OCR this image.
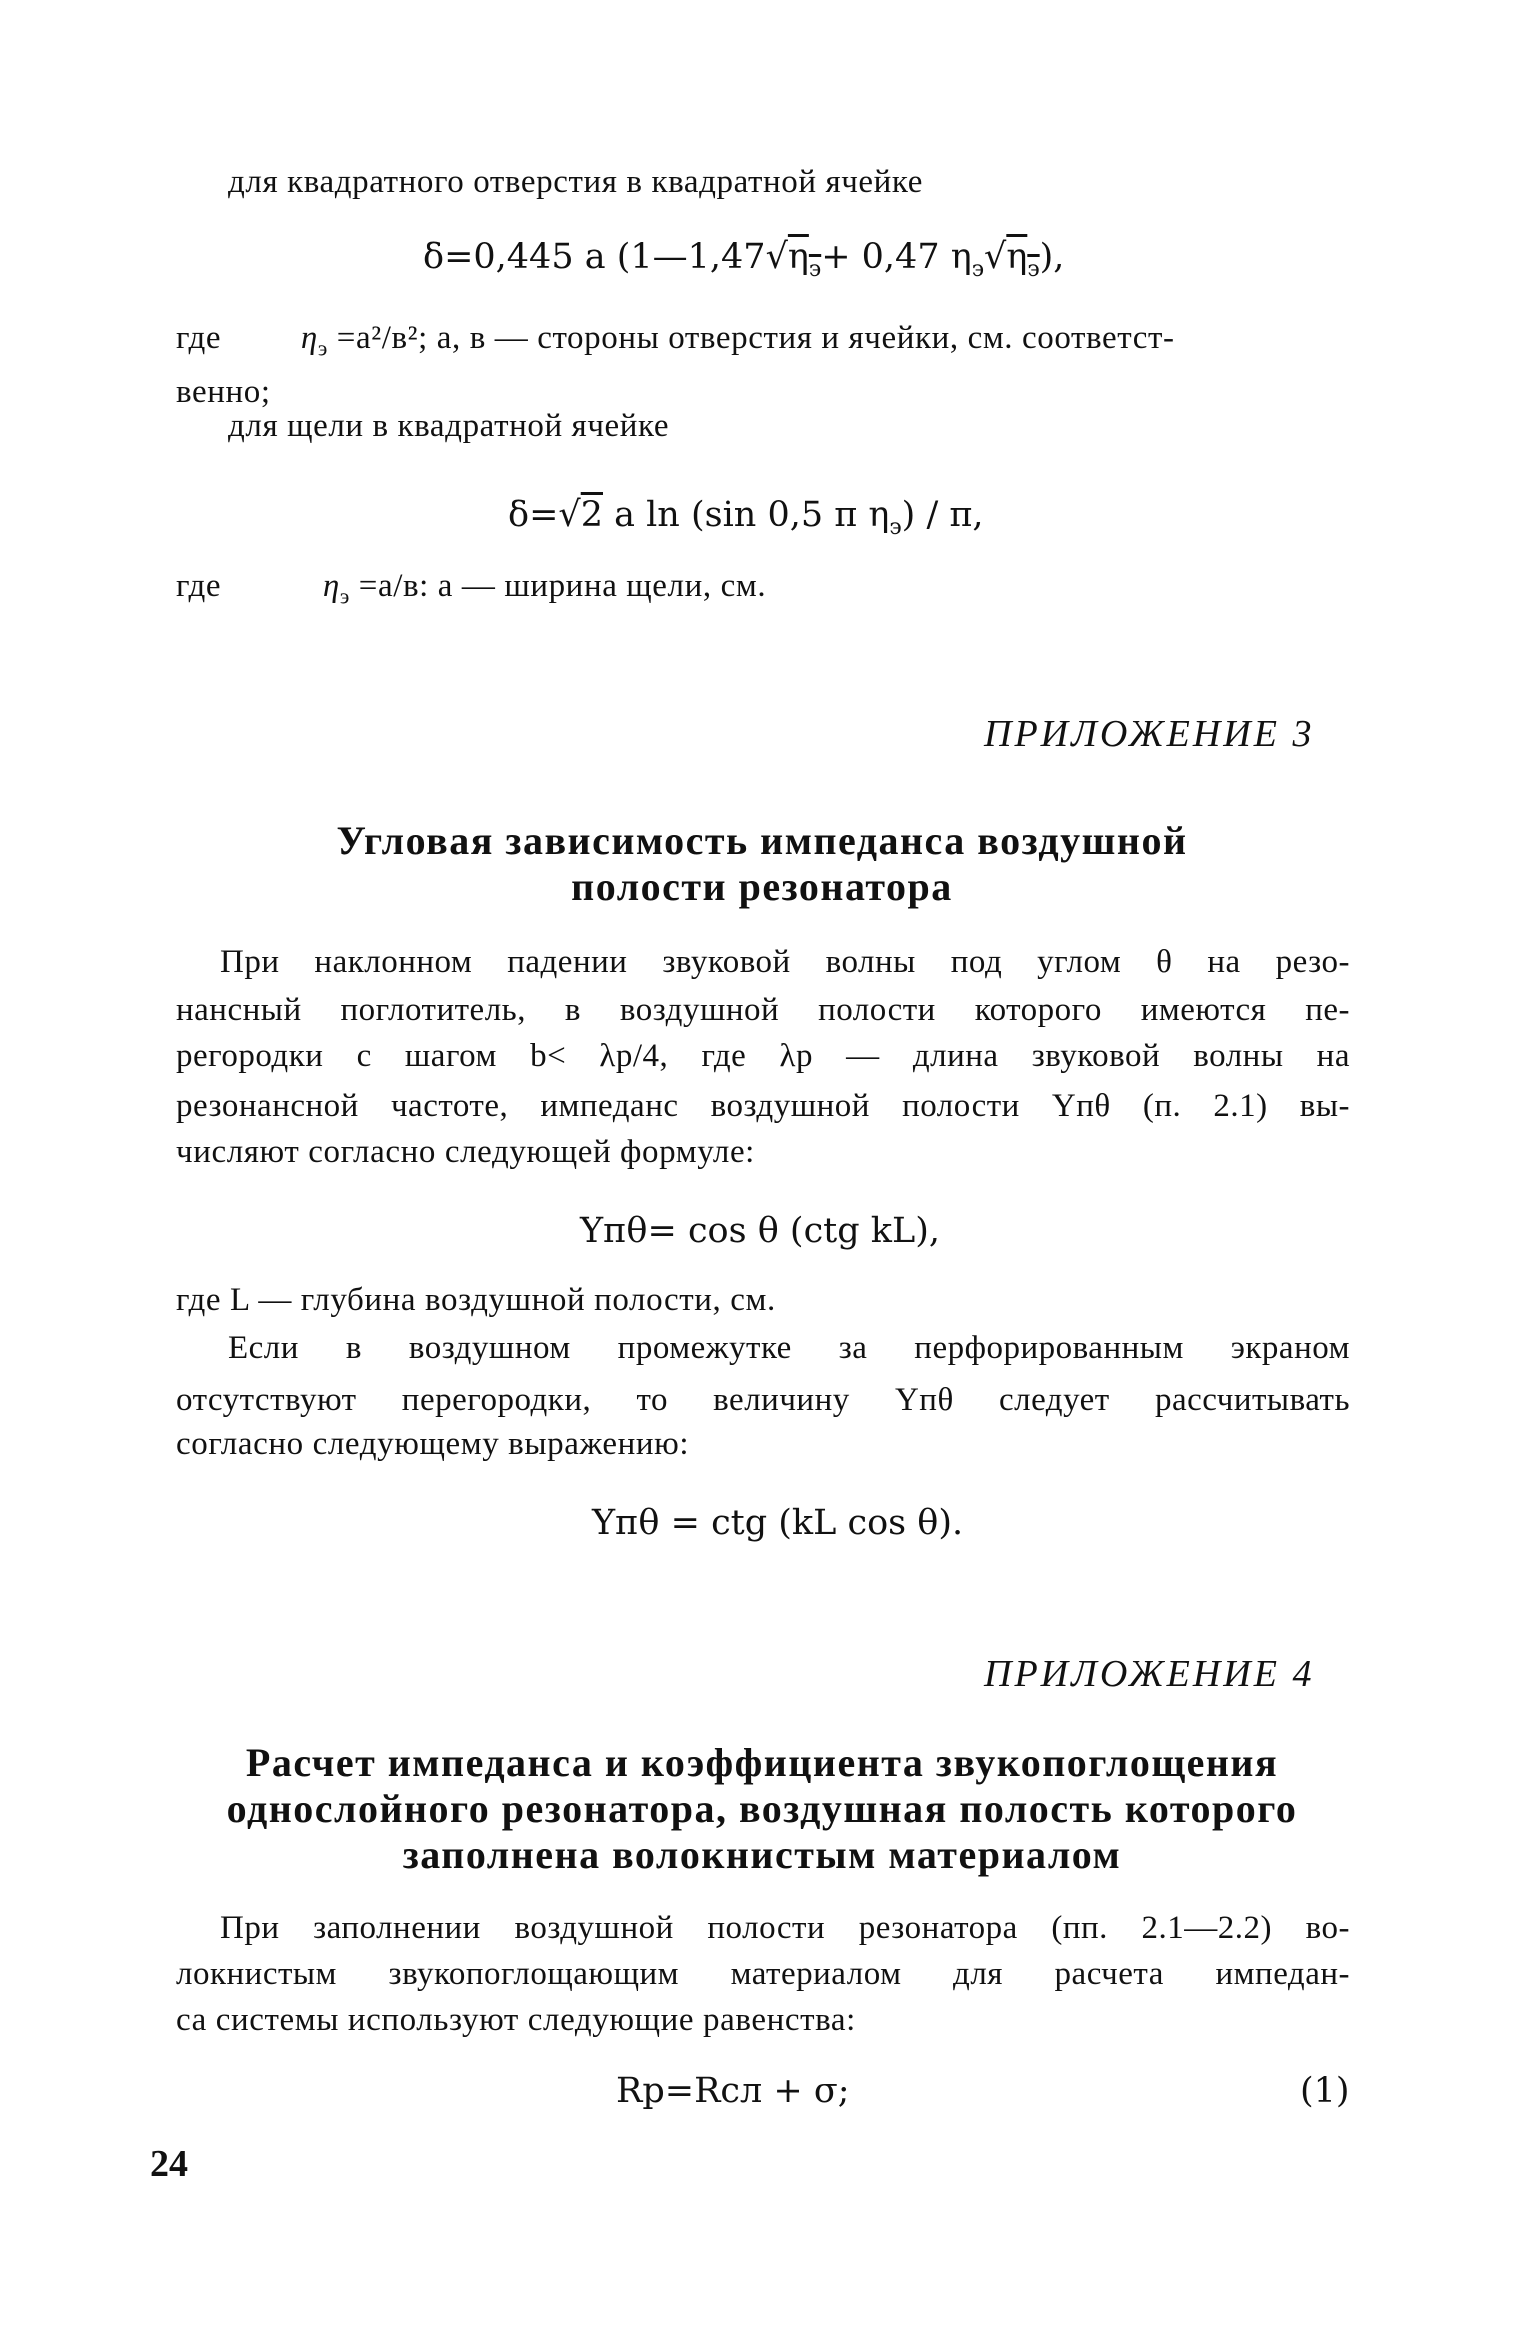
для квадратного отверстия в квадратной ячейке
δ=0,445 a ($1—1,47√\eta_э+ 0,47$ $\eta_э√\eta_э$),
где $\eta_э =a^2/в^2$; a, в — стороны отверстия и ячейки, см. соответст-
венно;
для щели в квадратной ячейке
δ=√2 a ln (sin 0,5 π $\eta_э$) / π,
где	$\eta_э =a/в$: a — ширина щели, см.
ПРИЛОЖЕНИЕ 3
Угловая зависимость импеданса воздушной
полости резонатора
При наклонном падении звуковой волны под углом θ на резо-
нансный поглотитель, в воздушной полости которого имеются пе-
регородки с шагом b< λp/4, где λp — длина звуковой волны на
резонансной частоте, импеданс воздушной полости Yпθ (п. 2.1) вы-
числяют согласно следующей формуле:
Yпθ= cos θ (ctg kL),
где L — глубина воздушной полости, см.
Если в воздушном промежутке за перфорированным экраном
отсутствуют перегородки, то величину Yпθ следует рассчитывать
согласно следующему выражению:
Yпθ = ctg (kL cos θ).
ПРИЛОЖЕНИЕ 4
Расчет импеданса и коэффициента звукопоглощения
однослойного резонатора, воздушная полость которого
заполнена волокнистым материалом
При заполнении воздушной полости резонатора (пп. 2.1—2.2) во-
локнистым звукопоглощающим материалом для расчета импедан-
са системы используют следующие равенства:
Rp=Rсл + σ;	(1)
24
